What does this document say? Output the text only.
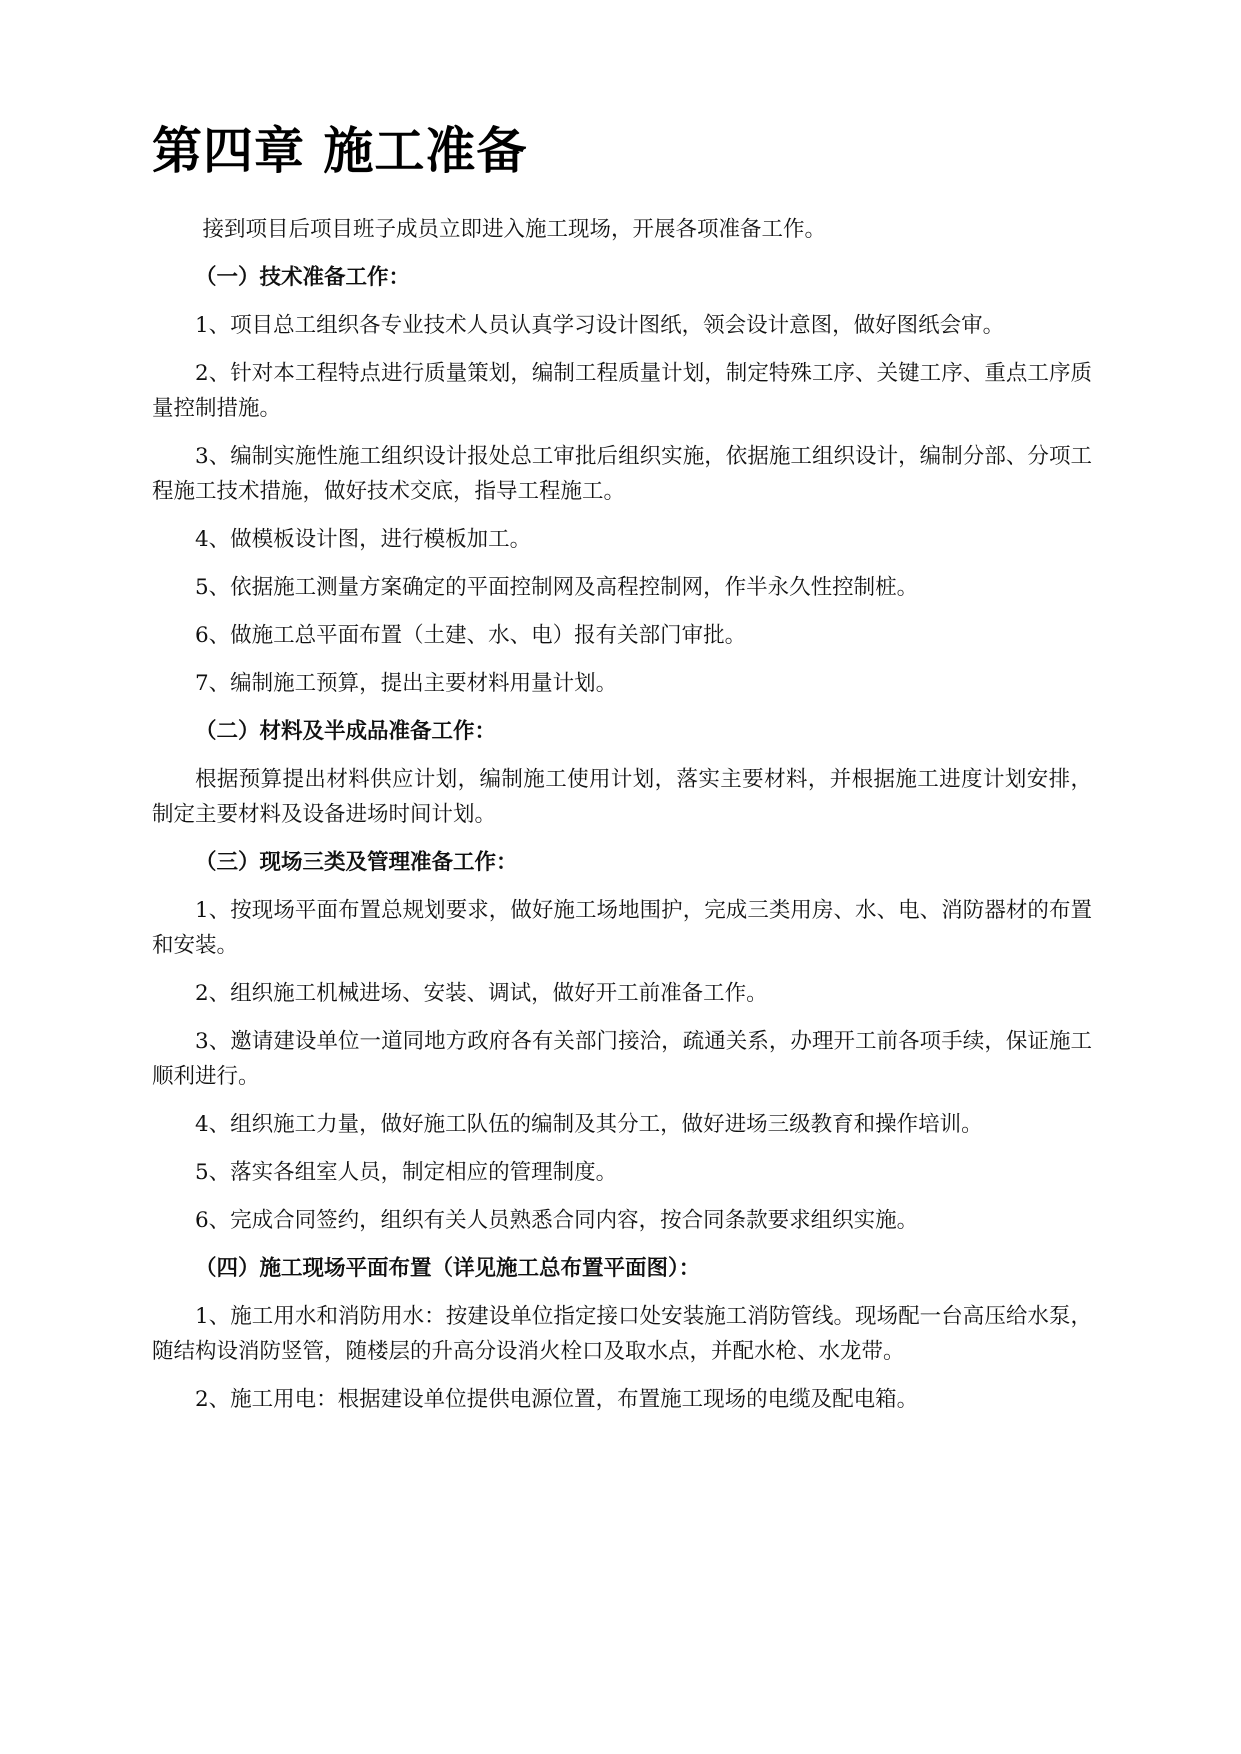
第四章 施工准备

接到项目后项目班子成员立即进入施工现场，开展各项准备工作。

（一）技术准备工作：

1、项目总工组织各专业技术人员认真学习设计图纸，领会设计意图，做好图纸会审。

2、针对本工程特点进行质量策划，编制工程质量计划，制定特殊工序、关键工序、重点工序质量控制措施。

3、编制实施性施工组织设计报处总工审批后组织实施，依据施工组织设计，编制分部、分项工程施工技术措施，做好技术交底，指导工程施工。

4、做模板设计图，进行模板加工。

5、依据施工测量方案确定的平面控制网及高程控制网，作半永久性控制桩。

6、做施工总平面布置（土建、水、电）报有关部门审批。

7、编制施工预算，提出主要材料用量计划。

（二）材料及半成品准备工作：

根据预算提出材料供应计划，编制施工使用计划，落实主要材料，并根据施工进度计划安排，制定主要材料及设备进场时间计划。

（三）现场三类及管理准备工作：

1、按现场平面布置总规划要求，做好施工场地围护，完成三类用房、水、电、消防器材的布置和安装。

2、组织施工机械进场、安装、调试，做好开工前准备工作。

3、邀请建设单位一道同地方政府各有关部门接洽，疏通关系，办理开工前各项手续，保证施工顺利进行。

4、组织施工力量，做好施工队伍的编制及其分工，做好进场三级教育和操作培训。

5、落实各组室人员，制定相应的管理制度。

6、完成合同签约，组织有关人员熟悉合同内容，按合同条款要求组织实施。

（四）施工现场平面布置（详见施工总布置平面图）：

1、施工用水和消防用水：按建设单位指定接口处安装施工消防管线。现场配一台高压给水泵，随结构设消防竖管，随楼层的升高分设消火栓口及取水点，并配水枪、水龙带。

2、施工用电：根据建设单位提供电源位置，布置施工现场的电缆及配电箱。
